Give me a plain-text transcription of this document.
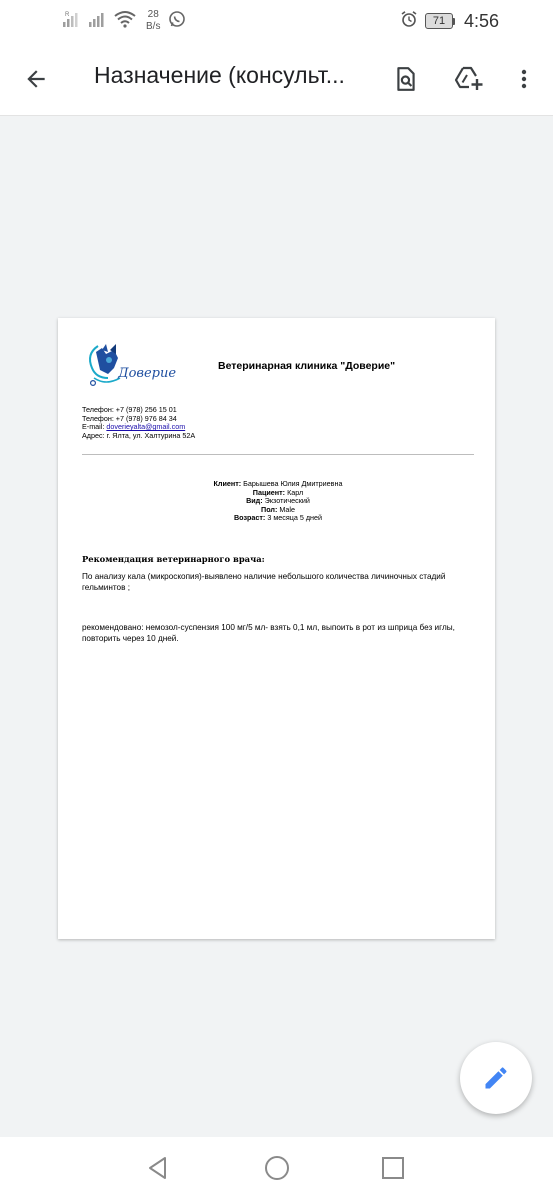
R	28
B/s	71	4:56
Назначение (консульт...
Доверие	Ветеринарная клиника "Доверие"
Телефон: +7 (978) 256 15 01
Телефон: +7 (978) 976 84 34
E-mail: doverieyalta@gmail.com
Адрес: г. Ялта, ул. Халтурина 52А
Клиент: Барышева Юлия Дмитриевна
Пациент: Карл
Вид: Экзотический
Пол: Male
Возраст: 3 месяца 5 дней
Рекомендация ветеринарного врача:
По анализу кала (микроскопия)-выявлено наличие небольшого количества личиночных стадий гельминтов ;
рекомендовано: немозол-суспензия 100 мг/5 мл- взять 0,1 мл, выпоить в рот из шприца без иглы, повторить через 10 дней.
